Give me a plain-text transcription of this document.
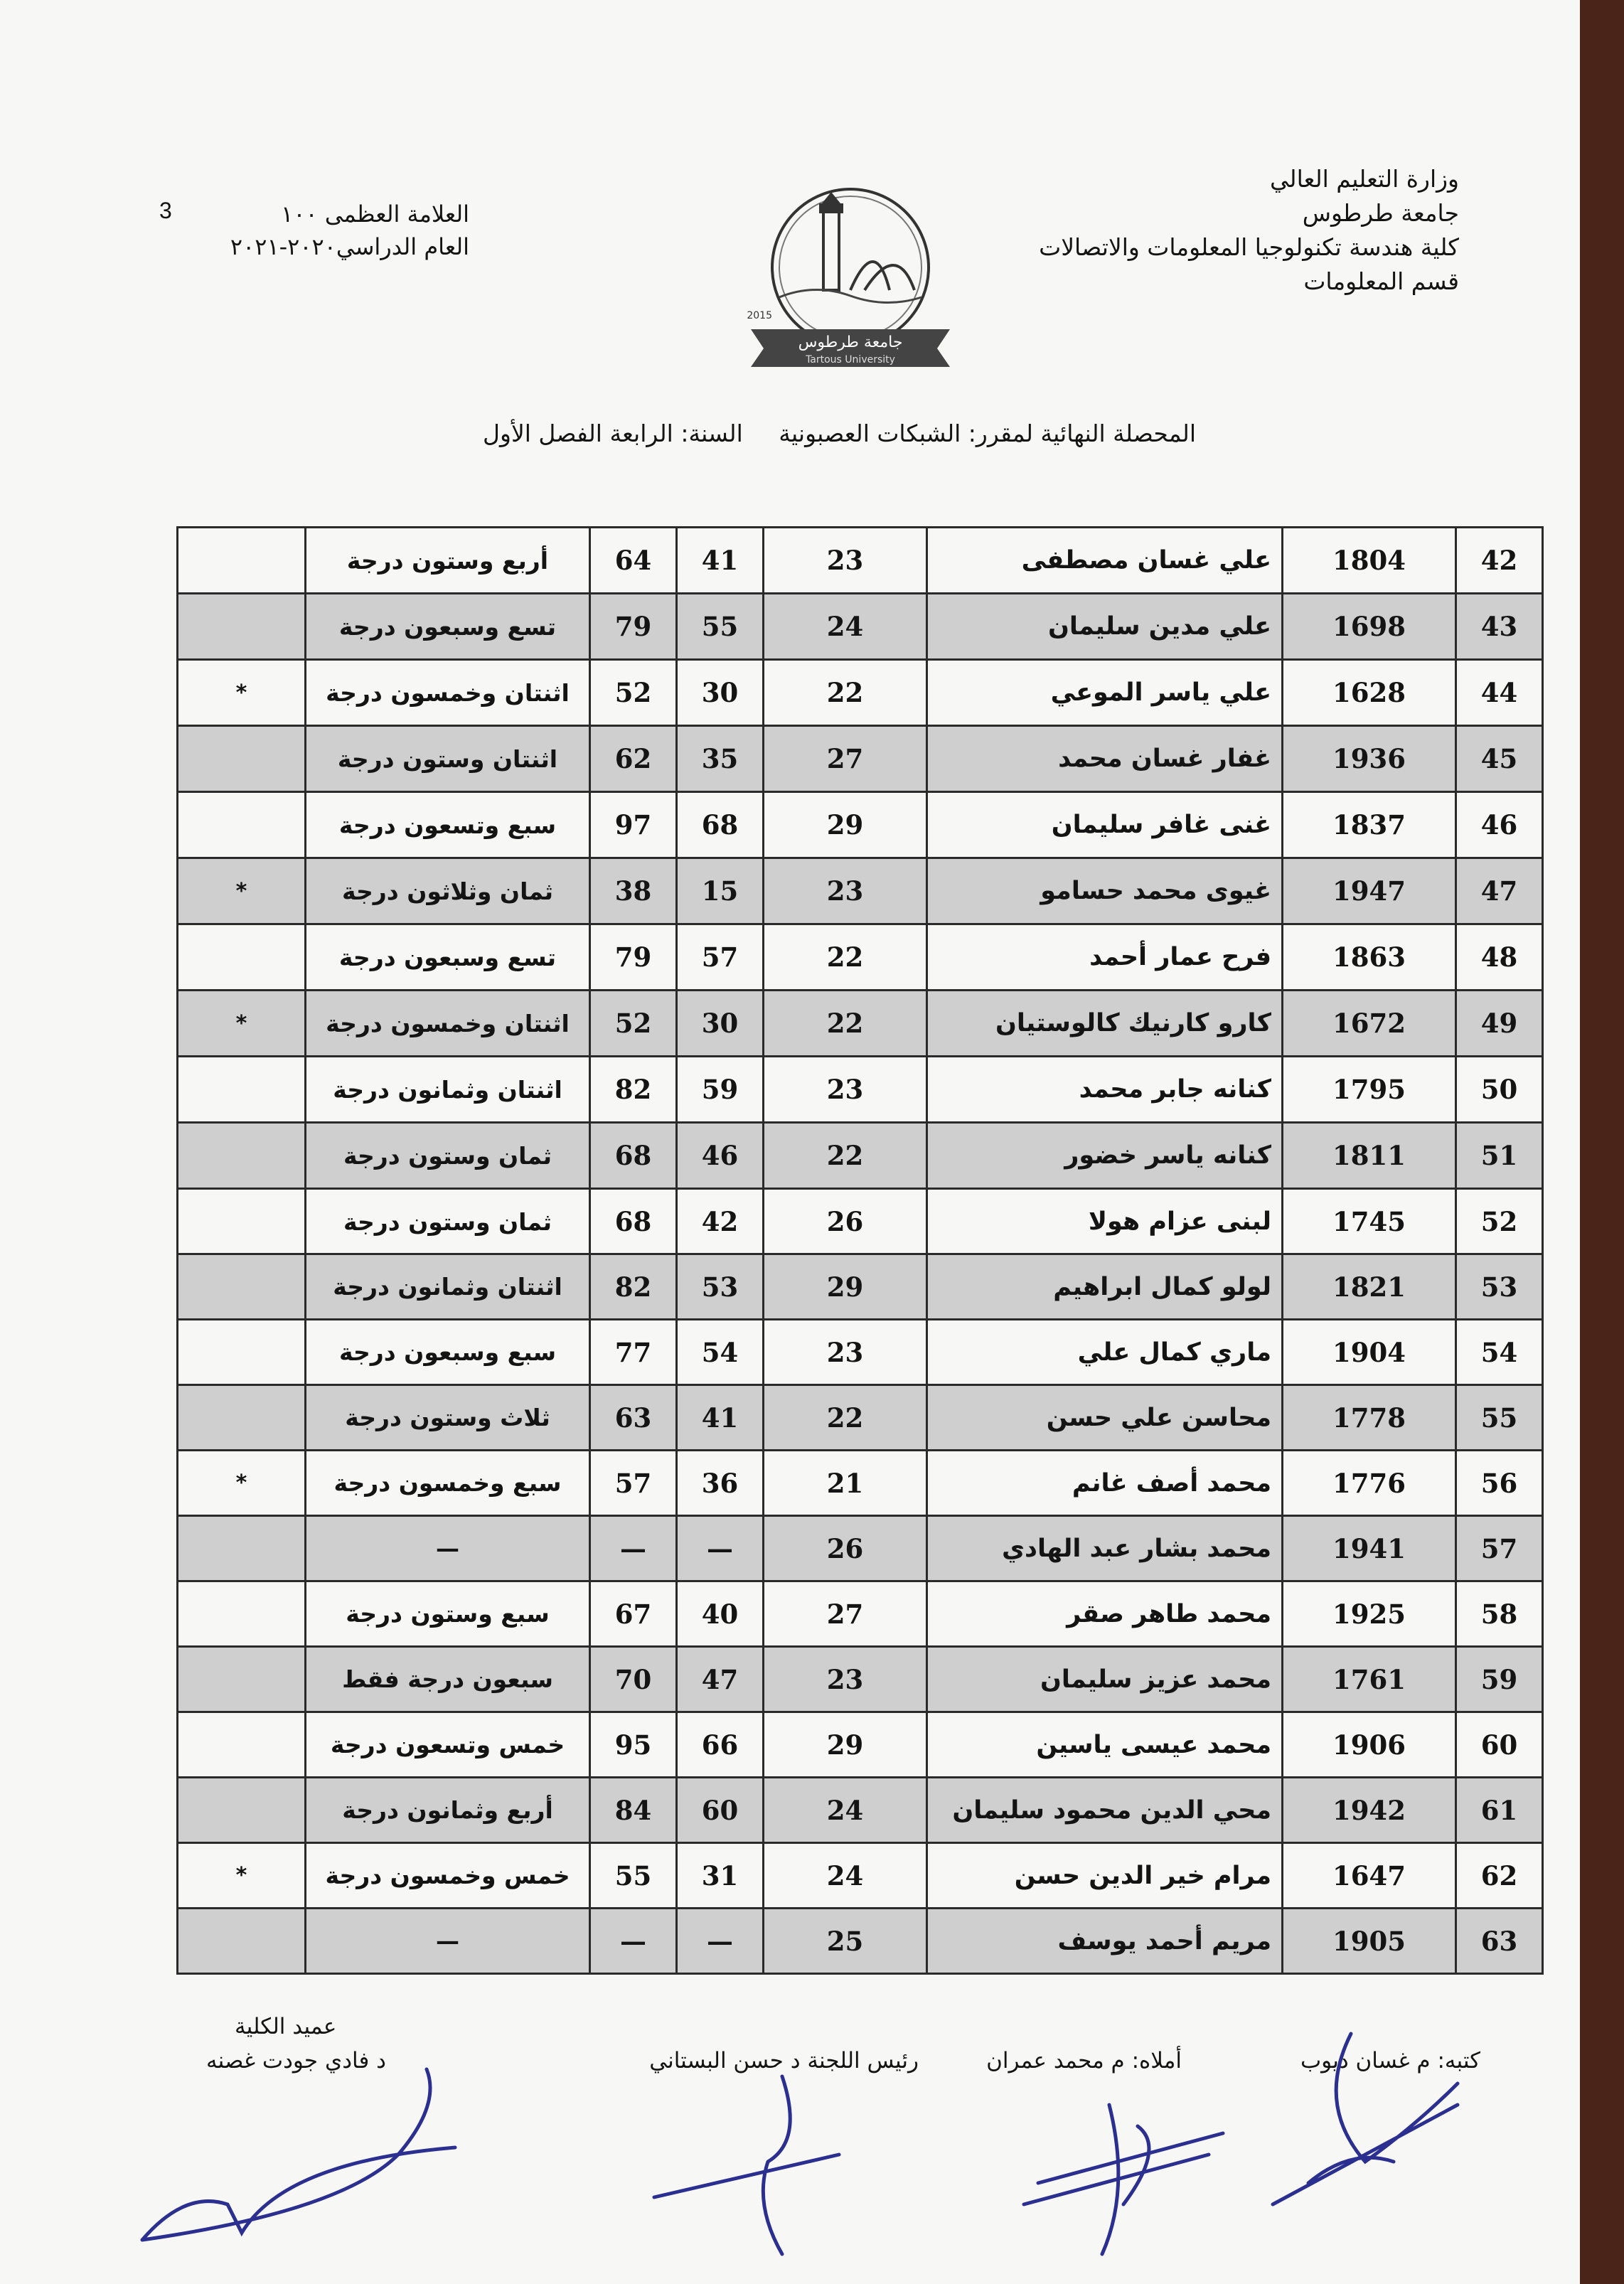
وزارة التعليم العالي
جامعة طرطوس
كلية هندسة تكنولوجيا المعلومات والاتصالات
قسم المعلومات
3	العلامة العظمى ١٠٠
العام الدراسي٢٠٢٠-٢٠٢١
2015
جامعة طرطوس
Tartous University
المحصلة النهائية لمقرر: الشبكات العصبونية السنة: الرابعة الفصل الأول
42	1804	علي غسان مصطفى	23	41	64	أربع وستون درجة	
43	1698	علي مدين سليمان	24	55	79	تسع وسبعون درجة	
44	1628	علي ياسر الموعي	22	30	52	اثنتان وخمسون درجة	*
45	1936	غفار غسان محمد	27	35	62	اثنتان وستون درجة	
46	1837	غنى غافر سليمان	29	68	97	سبع وتسعون درجة	
47	1947	غيوى محمد حسامو	23	15	38	ثمان وثلاثون درجة	*
48	1863	فرح عمار أحمد	22	57	79	تسع وسبعون درجة	
49	1672	كارو كارنيك كالوستيان	22	30	52	اثنتان وخمسون درجة	*
50	1795	كنانه جابر محمد	23	59	82	اثنتان وثمانون درجة	
51	1811	كنانه ياسر خضور	22	46	68	ثمان وستون درجة	
52	1745	لبنى عزام هولا	26	42	68	ثمان وستون درجة	
53	1821	لولو كمال ابراهيم	29	53	82	اثنتان وثمانون درجة	
54	1904	ماري كمال علي	23	54	77	سبع وسبعون درجة	
55	1778	محاسن علي حسن	22	41	63	ثلاث وستون درجة	
56	1776	محمد أصف غانم	21	36	57	سبع وخمسون درجة	*
57	1941	محمد بشار عبد الهادي	26	—	—	—	
58	1925	محمد طاهر صقر	27	40	67	سبع وستون درجة	
59	1761	محمد عزيز سليمان	23	47	70	سبعون درجة فقط	
60	1906	محمد عيسى ياسين	29	66	95	خمس وتسعون درجة	
61	1942	محي الدين محمود سليمان	24	60	84	أربع وثمانون درجة	
62	1647	مرام خير الدين حسن	24	31	55	خمس وخمسون درجة	*
63	1905	مريم أحمد يوسف	25	—	—	—	
كتبه: م غسان ديوب
أملاه: م محمد عمران
رئيس اللجنة د حسن البستاني
عميد الكلية
د فادي جودت غصنه
